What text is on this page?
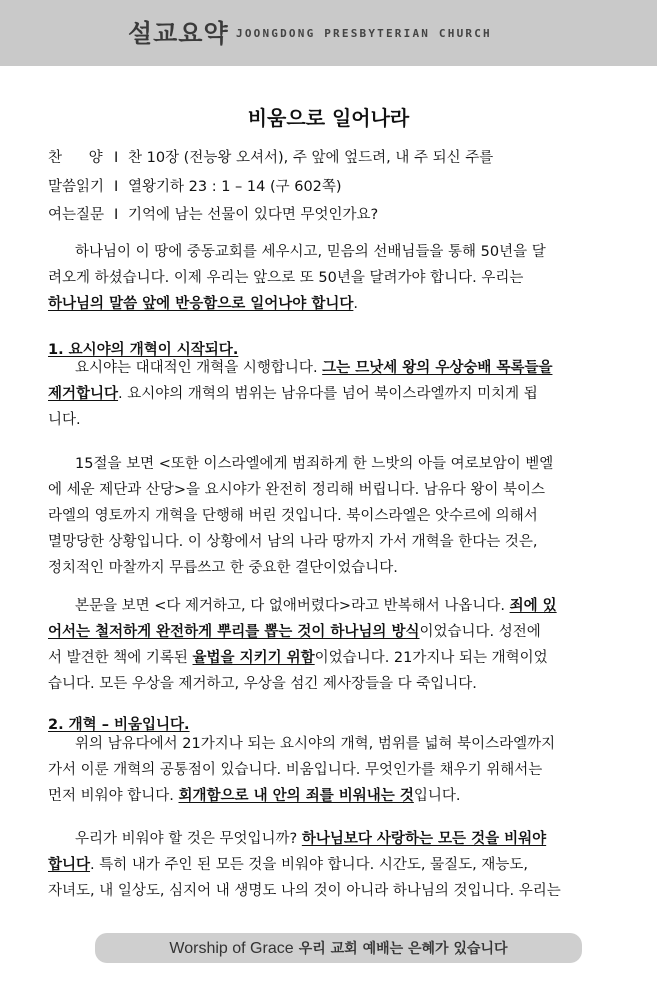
설교요약 JOONGDONG PRESBYTERIAN CHURCH
비움으로 일어나라
찬 양 I 찬 10장 (전능왕 오셔서), 주 앞에 엎드려, 내 주 되신 주를
말씀읽기 I 열왕기하 23 : 1 – 14 (구 602쪽)
여는질문 I 기억에 남는 선물이 있다면 무엇인가요?
하나님이 이 땅에 중동교회를 세우시고, 믿음의 선배님들을 통해 50년을 달
려오게 하셨습니다. 이제 우리는 앞으로 또 50년을 달려가야 합니다. 우리는
하나님의 말씀 앞에 반응함으로 일어나야 합니다.
1. 요시야의 개혁이 시작되다.
요시야는 대대적인 개혁을 시행합니다. 그는 므낫세 왕의 우상숭배 목록들을
제거합니다. 요시야의 개혁의 범위는 남유다를 넘어 북이스라엘까지 미치게 됩
니다.
15절을 보면 <또한 이스라엘에게 범죄하게 한 느밧의 아들 여로보암이 벧엘
에 세운 제단과 산당>을 요시야가 완전히 정리해 버립니다. 남유다 왕이 북이스
라엘의 영토까지 개혁을 단행해 버린 것입니다. 북이스라엘은 앗수르에 의해서
멸망당한 상황입니다. 이 상황에서 남의 나라 땅까지 가서 개혁을 한다는 것은,
정치적인 마찰까지 무릅쓰고 한 중요한 결단이었습니다.
본문을 보면 <다 제거하고, 다 없애버렸다>라고 반복해서 나옵니다. 죄에 있
어서는 철저하게 완전하게 뿌리를 뽑는 것이 하나님의 방식이었습니다. 성전에
서 발견한 책에 기록된 율법을 지키기 위함이었습니다. 21가지나 되는 개혁이었
습니다. 모든 우상을 제거하고, 우상을 섬긴 제사장들을 다 죽입니다.
2. 개혁 – 비움입니다.
위의 남유다에서 21가지나 되는 요시야의 개혁, 범위를 넓혀 북이스라엘까지
가서 이룬 개혁의 공통점이 있습니다. 비움입니다. 무엇인가를 채우기 위해서는
먼저 비워야 합니다. 회개함으로 내 안의 죄를 비워내는 것입니다.
우리가 비워야 할 것은 무엇입니까? 하나님보다 사랑하는 모든 것을 비워야
합니다. 특히 내가 주인 된 모든 것을 비워야 합니다. 시간도, 물질도, 재능도,
자녀도, 내 일상도, 심지어 내 생명도 나의 것이 아니라 하나님의 것입니다. 우리는
Worship of Grace 우리 교회 예배는 은혜가 있습니다
